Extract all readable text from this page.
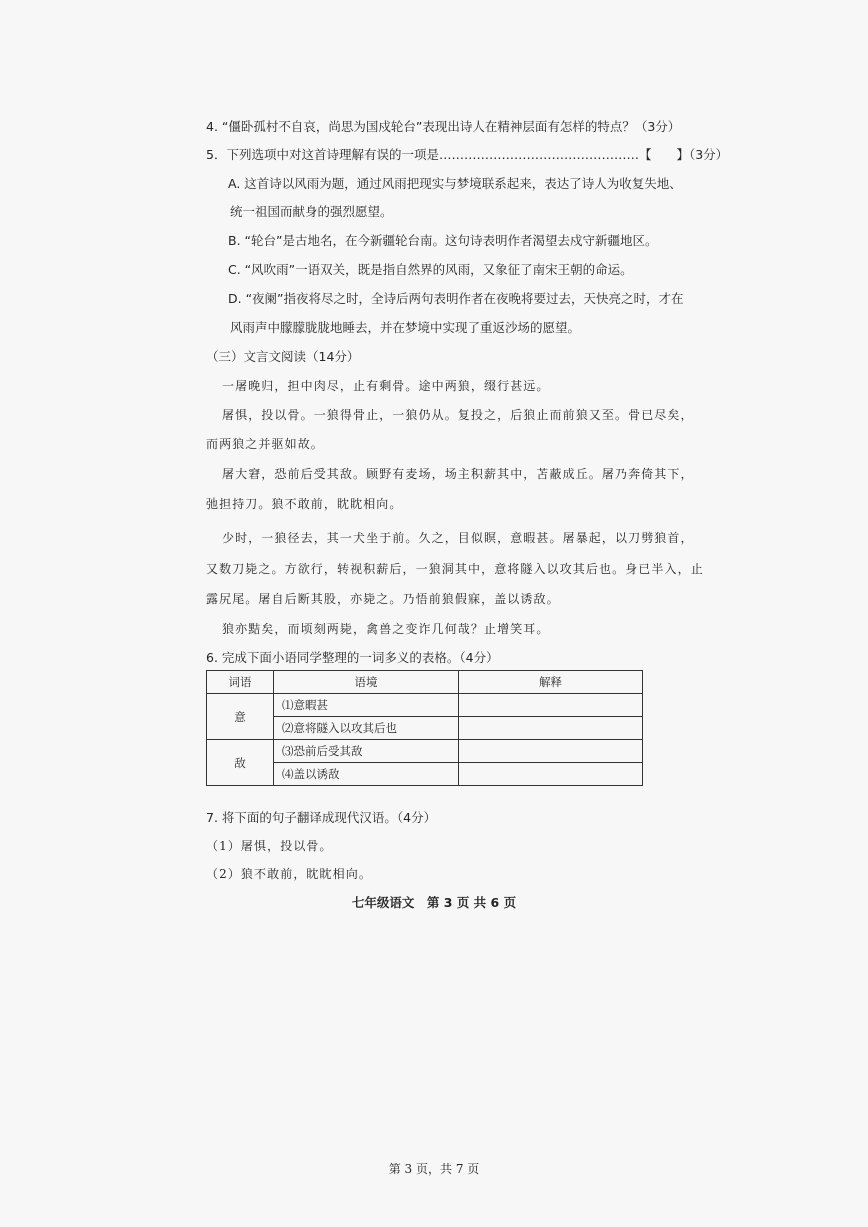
4. “僵卧孤村不自哀，尚思为国戍轮台”表现出诗人在精神层面有怎样的特点？（3分）
5．下列选项中对这首诗理解有误的一项是…………………………………………【　　】（3分）
A. 这首诗以风雨为题，通过风雨把现实与梦境联系起来，表达了诗人为收复失地、
统一祖国而献身的强烈愿望。
B. “轮台”是古地名，在今新疆轮台南。这句诗表明作者渴望去戍守新疆地区。
C. “风吹雨”一语双关，既是指自然界的风雨，又象征了南宋王朝的命运。
D. “夜阑”指夜将尽之时，全诗后两句表明作者在夜晚将要过去，天快亮之时，才在
风雨声中朦朦胧胧地睡去，并在梦境中实现了重返沙场的愿望。
（三）文言文阅读（14分）
一屠晚归，担中肉尽，止有剩骨。途中两狼，缀行甚远。
屠惧，投以骨。一狼得骨止，一狼仍从。复投之，后狼止而前狼又至。骨已尽矣，
而两狼之并驱如故。
屠大窘，恐前后受其敌。顾野有麦场，场主积薪其中，苫蔽成丘。屠乃奔倚其下，
弛担持刀。狼不敢前，眈眈相向。
少时，一狼径去，其一犬坐于前。久之，目似瞑，意暇甚。屠暴起，以刀劈狼首，
又数刀毙之。方欲行，转视积薪后，一狼洞其中，意将隧入以攻其后也。身已半入，止
露尻尾。屠自后断其股，亦毙之。乃悟前狼假寐，盖以诱敌。
狼亦黠矣，而顷刻两毙，禽兽之变诈几何哉？止增笑耳。
6. 完成下面小语同学整理的一词多义的表格。（4分）
词语	语境	解释
意	⑴意暇甚	
	⑵意将隧入以攻其后也	
敌	⑶恐前后受其敌	
	⑷盖以诱敌	
7. 将下面的句子翻译成现代汉语。（4分）
（1）屠惧，投以骨。
（2）狼不敢前，眈眈相向。
七年级语文　第 3 页 共 6 页
第 3 页，共 7 页
